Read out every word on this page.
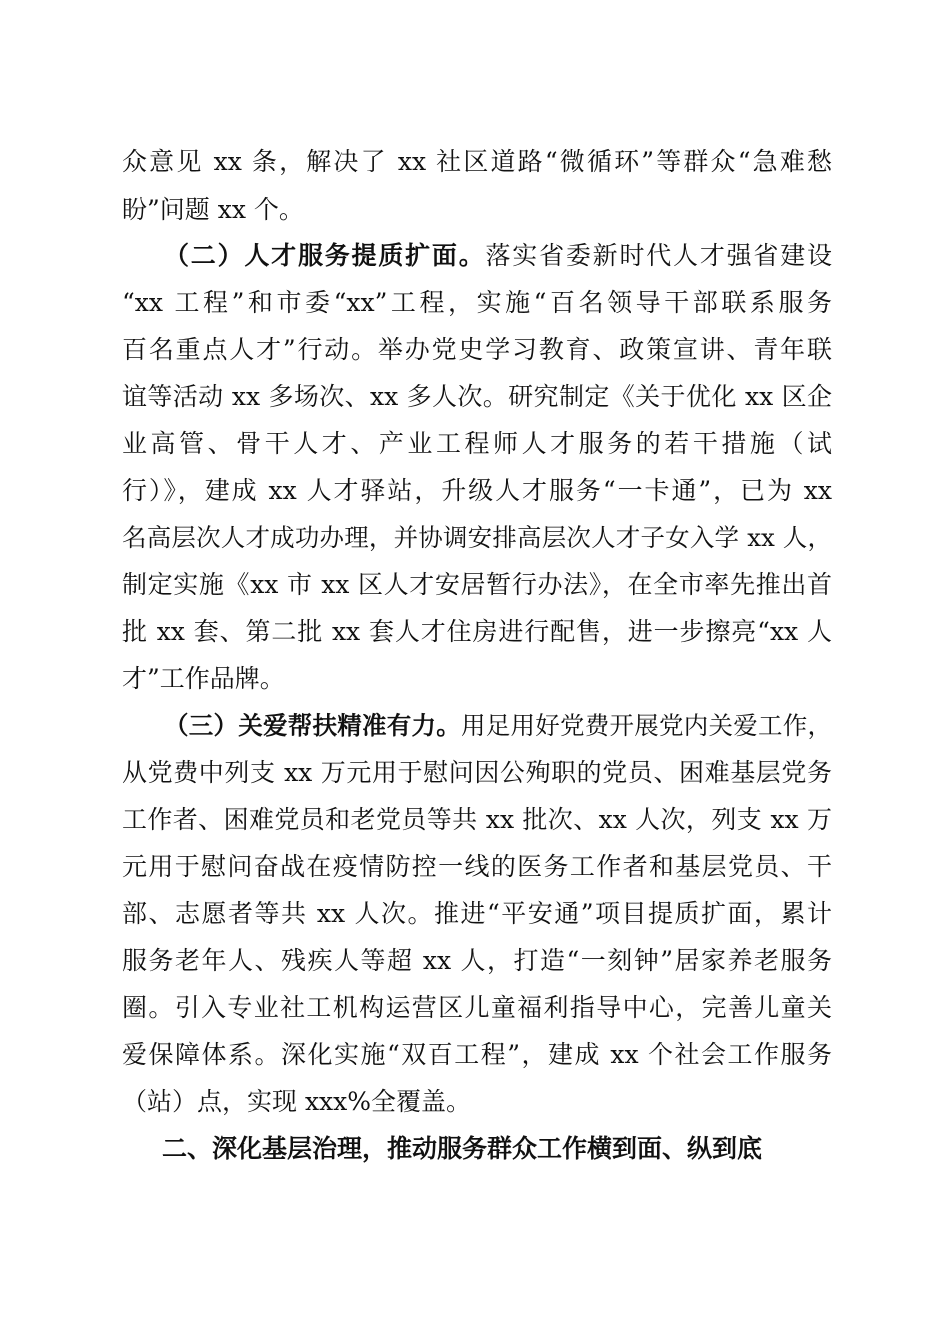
众意见 xx 条，解决了 xx 社区道路“微循环”等群众“急难愁
盼”问题 xx 个。
（二）人才服务提质扩面。落实省委新时代人才强省建设
“xx 工程”和市委“xx”工程，实施“百名领导干部联系服务
百名重点人才”行动。举办党史学习教育、政策宣讲、青年联
谊等活动 xx 多场次、xx 多人次。研究制定《关于优化 xx 区企
业高管、骨干人才、产业工程师人才服务的若干措施（试
行）》，建成 xx 人才驿站，升级人才服务“一卡通”，已为 xx
名高层次人才成功办理，并协调安排高层次人才子女入学 xx 人，
制定实施《xx 市 xx 区人才安居暂行办法》，在全市率先推出首
批 xx 套、第二批 xx 套人才住房进行配售，进一步擦亮“xx 人
才”工作品牌。
（三）关爱帮扶精准有力。用足用好党费开展党内关爱工作，
从党费中列支 xx 万元用于慰问因公殉职的党员、困难基层党务
工作者、困难党员和老党员等共 xx 批次、xx 人次，列支 xx 万
元用于慰问奋战在疫情防控一线的医务工作者和基层党员、干
部、志愿者等共 xx 人次。推进“平安通”项目提质扩面，累计
服务老年人、残疾人等超 xx 人，打造“一刻钟”居家养老服务
圈。引入专业社工机构运营区儿童福利指导中心，完善儿童关
爱保障体系。深化实施“双百工程”，建成 xx 个社会工作服务
（站）点，实现 xxx%全覆盖。
二、深化基层治理，推动服务群众工作横到面、纵到底
